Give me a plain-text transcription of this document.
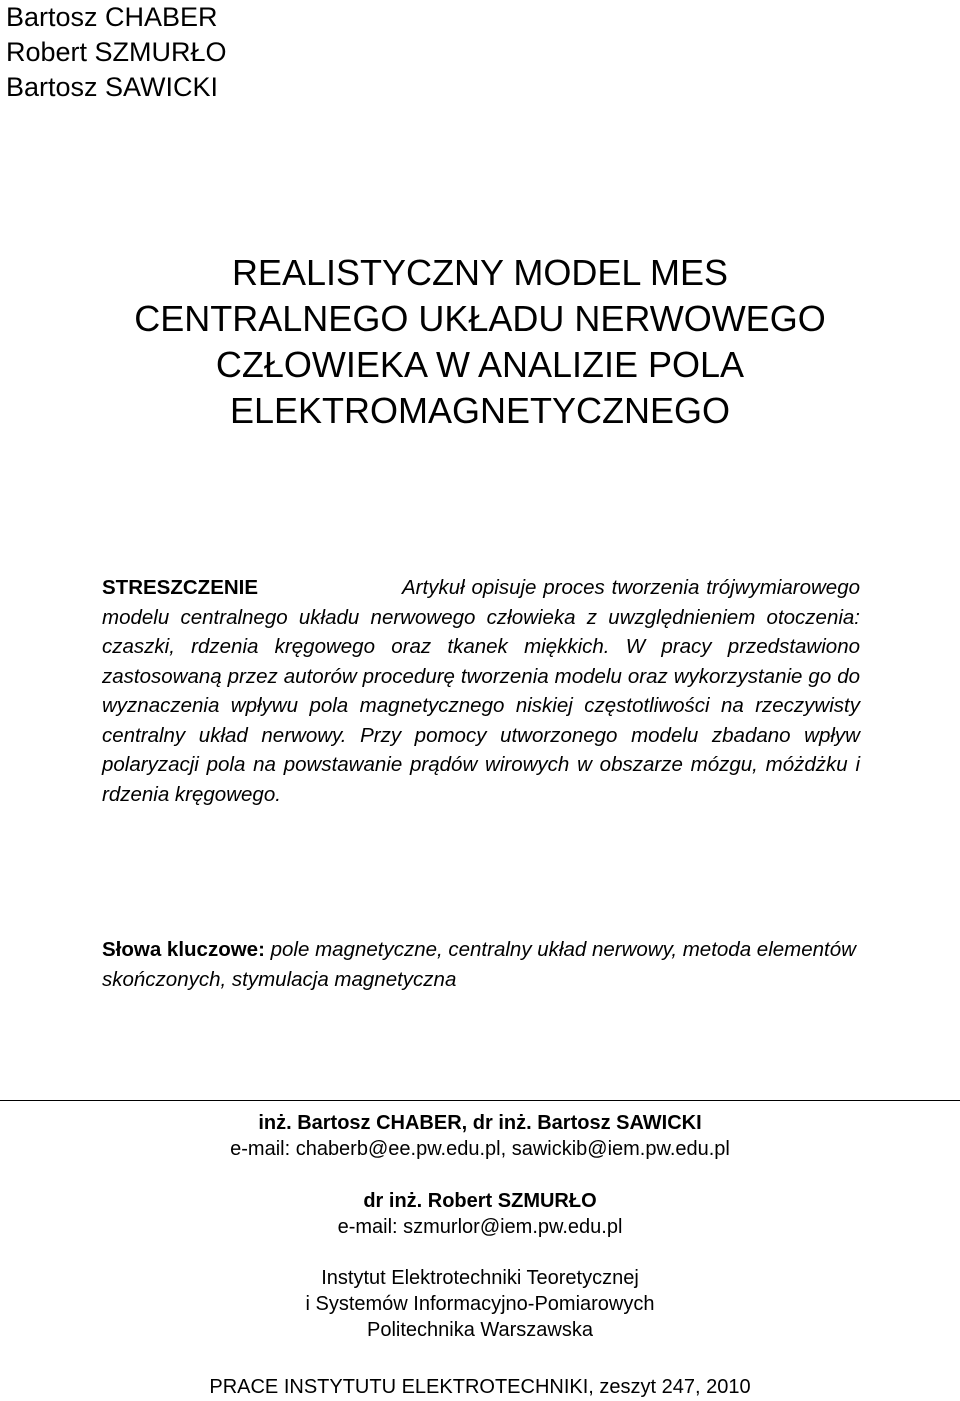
Bartosz CHABER
Robert SZMURŁO
Bartosz SAWICKI
REALISTYCZNY MODEL MES
CENTRALNEGO UKŁADU NERWOWEGO
CZŁOWIEKA W ANALIZIE POLA
ELEKTROMAGNETYCZNEGO
STRESZCZENIE	Artykuł opisuje proces tworzenia trójwymiarowego modelu centralnego układu nerwowego człowieka z uwzględnieniem otoczenia: czaszki, rdzenia kręgowego oraz tkanek miękkich. W pracy przedstawiono zastosowaną przez autorów procedurę tworzenia modelu oraz wykorzystanie go do wyznaczenia wpływu pola magnetycznego niskiej częstotliwości na rzeczywisty centralny układ nerwowy. Przy pomocy utworzonego modelu zbadano wpływ polaryzacji pola na powstawanie prądów wirowych w obszarze mózgu, móżdżku i rdzenia kręgowego.
Słowa kluczowe: pole magnetyczne, centralny układ nerwowy, metoda elementów skończonych, stymulacja magnetyczna
inż. Bartosz CHABER, dr inż. Bartosz SAWICKI
e-mail: chaberb@ee.pw.edu.pl, sawickib@iem.pw.edu.pl
dr inż. Robert SZMURŁO
e-mail: szmurlor@iem.pw.edu.pl
Instytut Elektrotechniki Teoretycznej
i Systemów Informacyjno-Pomiarowych
Politechnika Warszawska
PRACE INSTYTUTU ELEKTROTECHNIKI, zeszyt 247, 2010
